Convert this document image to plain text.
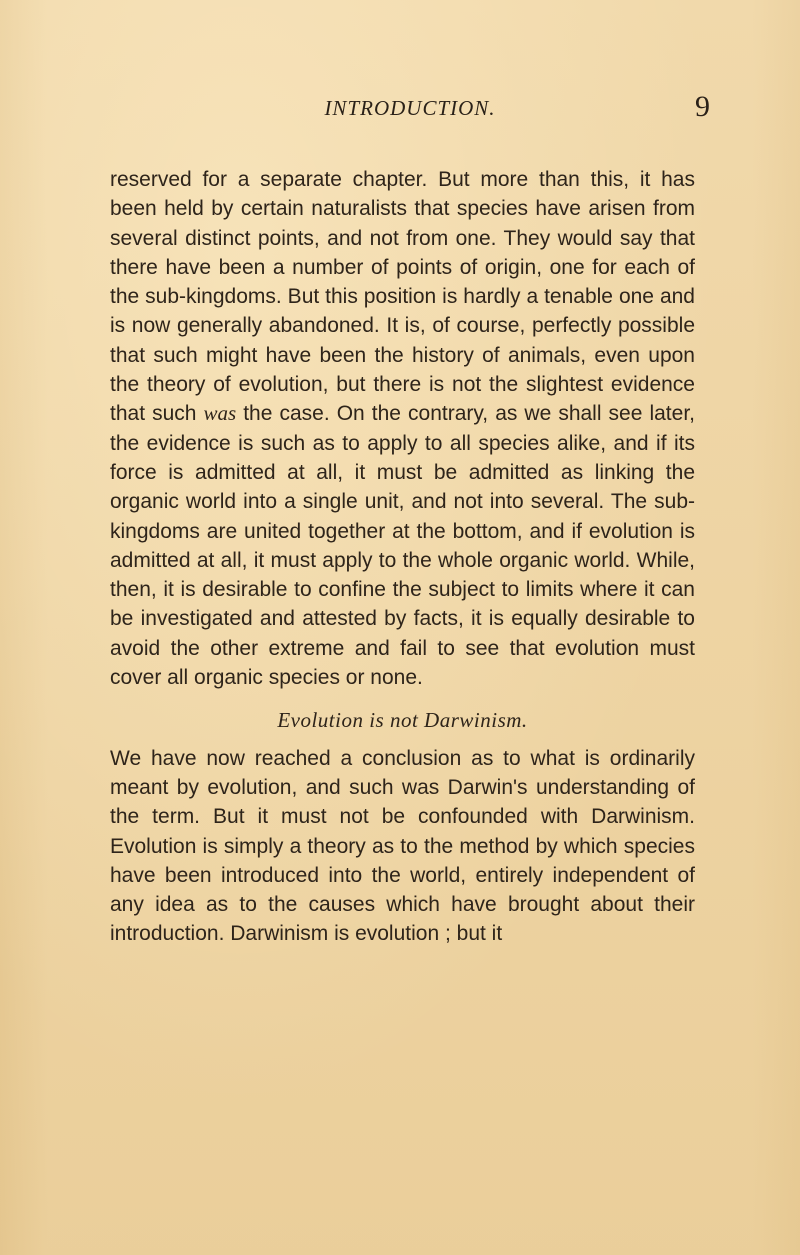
INTRODUCTION.	9

reserved for a separate chapter. But more than this, it has been held by certain naturalists that species have arisen from several distinct points, and not from one. They would say that there have been a number of points of origin, one for each of the sub-kingdoms. But this position is hardly a tenable one and is now generally abandoned. It is, of course, perfectly possible that such might have been the history of animals, even upon the theory of evolution, but there is not the slightest evidence that such was the case. On the contrary, as we shall see later, the evidence is such as to apply to all species alike, and if its force is admitted at all, it must be admitted as linking the organic world into a single unit, and not into several. The sub-kingdoms are united together at the bottom, and if evolution is admitted at all, it must apply to the whole organic world. While, then, it is desirable to confine the subject to limits where it can be investigated and attested by facts, it is equally desirable to avoid the other extreme and fail to see that evolution must cover all organic species or none.

Evolution is not Darwinism.

We have now reached a conclusion as to what is ordinarily meant by evolution, and such was Darwin's understanding of the term. But it must not be confounded with Darwinism. Evolution is simply a theory as to the method by which species have been introduced into the world, entirely independent of any idea as to the causes which have brought about their introduction. Darwinism is evolution ; but it
